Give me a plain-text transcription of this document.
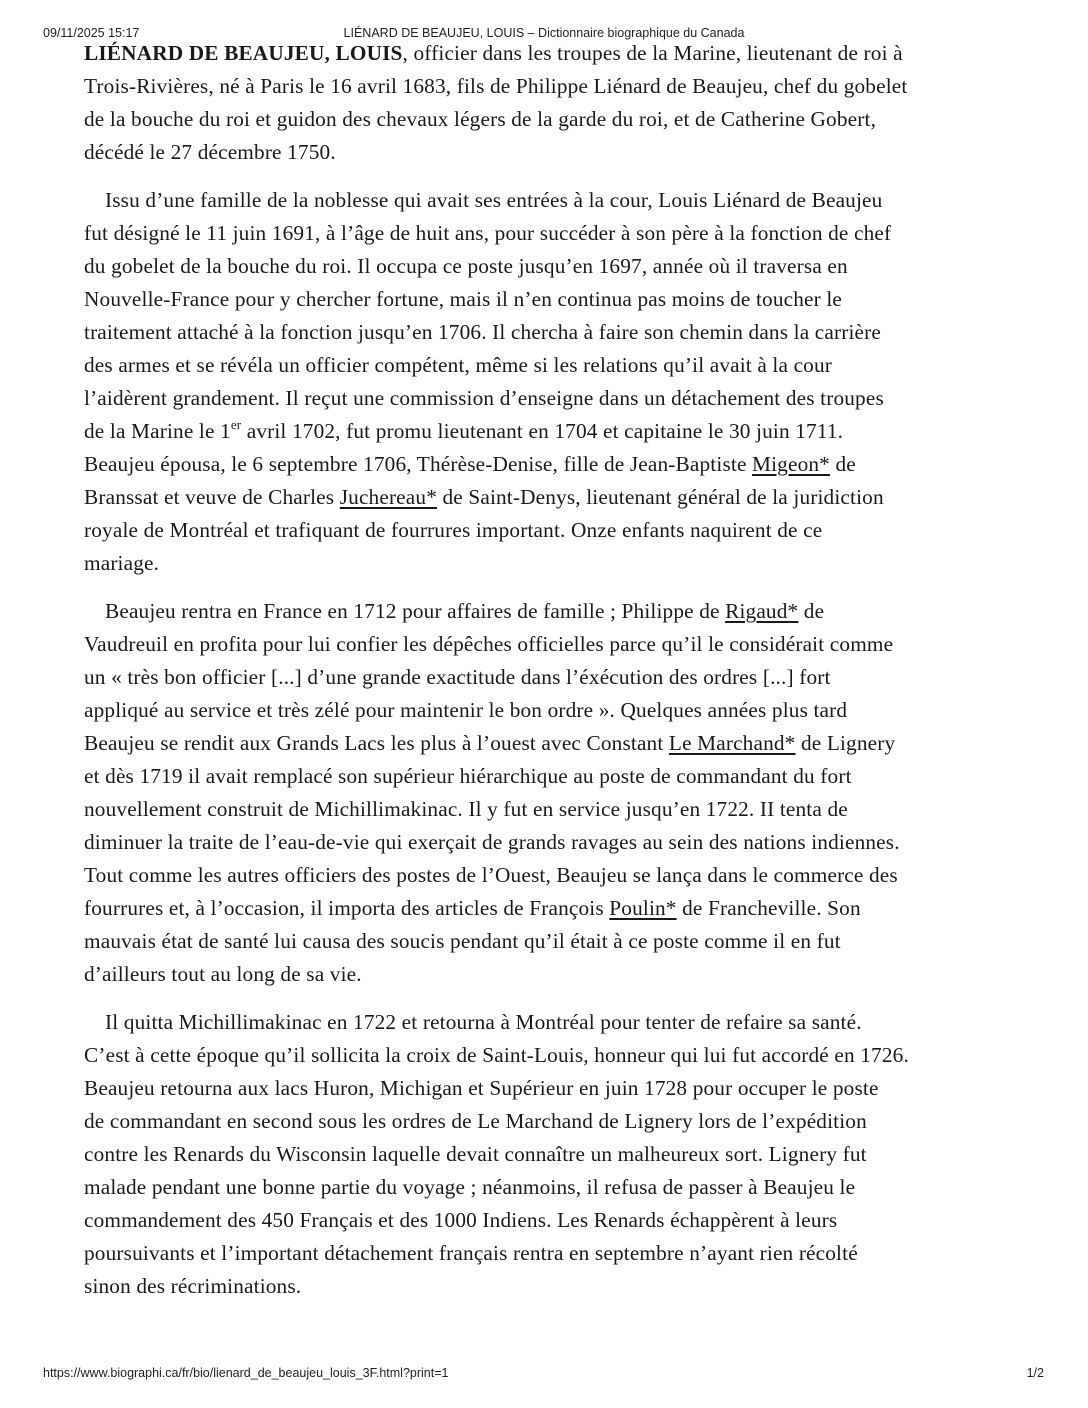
09/11/2025 15:17	LIÉNARD DE BEAUJEU, LOUIS – Dictionnaire biographique du Canada
LIÉNARD DE BEAUJEU, LOUIS, officier dans les troupes de la Marine, lieutenant de roi à
Trois-Rivières, né à Paris le 16 avril 1683, fils de Philippe Liénard de Beaujeu, chef du gobelet
de la bouche du roi et guidon des chevaux légers de la garde du roi, et de Catherine Gobert,
décédé le 27 décembre 1750.
Issu d’une famille de la noblesse qui avait ses entrées à la cour, Louis Liénard de Beaujeu
fut désigné le 11 juin 1691, à l’âge de huit ans, pour succéder à son père à la fonction de chef
du gobelet de la bouche du roi. Il occupa ce poste jusqu’en 1697, année où il traversa en
Nouvelle-France pour y chercher fortune, mais il n’en continua pas moins de toucher le
traitement attaché à la fonction jusqu’en 1706. Il chercha à faire son chemin dans la carrière
des armes et se révéla un officier compétent, même si les relations qu’il avait à la cour
l’aidèrent grandement. Il reçut une commission d’enseigne dans un détachement des troupes
de la Marine le 1er avril 1702, fut promu lieutenant en 1704 et capitaine le 30 juin 1711.
Beaujeu épousa, le 6 septembre 1706, Thérèse-Denise, fille de Jean-Baptiste Migeon* de
Branssat et veuve de Charles Juchereau* de Saint-Denys, lieutenant général de la juridiction
royale de Montréal et trafiquant de fourrures important. Onze enfants naquirent de ce
mariage.
Beaujeu rentra en France en 1712 pour affaires de famille ; Philippe de Rigaud* de
Vaudreuil en profita pour lui confier les dépêches officielles parce qu’il le considérait comme
un « très bon officier [...] d’une grande exactitude dans l’éxécution des ordres [...] fort
appliqué au service et très zélé pour maintenir le bon ordre ». Quelques années plus tard
Beaujeu se rendit aux Grands Lacs les plus à l’ouest avec Constant Le Marchand* de Lignery
et dès 1719 il avait remplacé son supérieur hiérarchique au poste de commandant du fort
nouvellement construit de Michillimakinac. Il y fut en service jusqu’en 1722. II tenta de
diminuer la traite de l’eau-de-vie qui exerçait de grands ravages au sein des nations indiennes.
Tout comme les autres officiers des postes de l’Ouest, Beaujeu se lança dans le commerce des
fourrures et, à l’occasion, il importa des articles de François Poulin* de Francheville. Son
mauvais état de santé lui causa des soucis pendant qu’il était à ce poste comme il en fut
d’ailleurs tout au long de sa vie.
Il quitta Michillimakinac en 1722 et retourna à Montréal pour tenter de refaire sa santé.
C’est à cette époque qu’il sollicita la croix de Saint-Louis, honneur qui lui fut accordé en 1726.
Beaujeu retourna aux lacs Huron, Michigan et Supérieur en juin 1728 pour occuper le poste
de commandant en second sous les ordres de Le Marchand de Lignery lors de l’expédition
contre les Renards du Wisconsin laquelle devait connaître un malheureux sort. Lignery fut
malade pendant une bonne partie du voyage ; néanmoins, il refusa de passer à Beaujeu le
commandement des 450 Français et des 1000 Indiens. Les Renards échappèrent à leurs
poursuivants et l’important détachement français rentra en septembre n’ayant rien récolté
sinon des récriminations.
https://www.biographi.ca/fr/bio/lienard_de_beaujeu_louis_3F.html?print=1	1/2
